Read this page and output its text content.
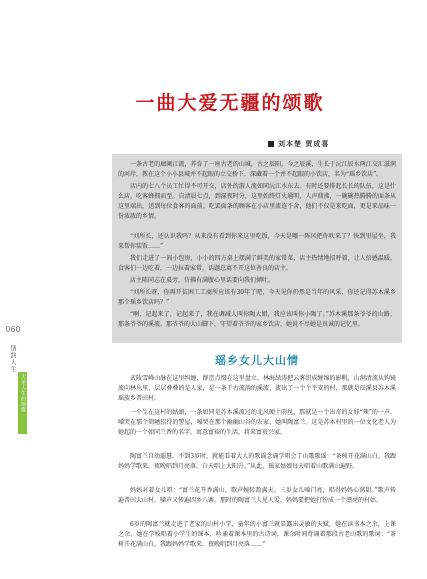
060
情韵人生
大美人生的颂歌
一曲大爱无疆的颂歌
刘本楚 贾成喜
一条古老的廊阑江流，养育了一座古老的山城，古之辰阳，今之辰溪，生长于沅江辰水两江交汇滋润的河岸，教在这个小小县城并不起眼的立交桥下，深藏着一个并不起眼的小饮店，名为“瑶乡饮店”。
店内的七八个员工忙得不可开交，店外的游人流如同沅江水东去。有时还要排起长长的队伍，这是什么店，吃客蜂拥而至。自清晨七点，到深夜时分，这里始终灯火通明，人声鼎沸，一碗碗热腾腾的面条从这里端出，送到每位食客的面前。吃罢面条的顾客在小店里流连不舍，他们不仅是来吃面，更是来品味一份浓浓的乡情。
“刘所长，还认识我吗？从来没有看到你来这里吃饭，今天是哪一阵风把你吹来了？快到里屋坐，我来帮你装饭……”
我们走进了一间小包房，小小的四方桌上摆满了鲜美的家常菜，店主热情地招呼着，让人倍感温暖。食客们一边吃着，一边拉着家常，话题总离不开这位善良的店主。
店主陈同志在桌旁，仿佛有满腹心里话要向我们倾吐。
“刘所长呀，你再开贫困工工商所应该有30年了吧，今天见你仍然是当年的风采，你还记得苏木溪乡那个瑶乡饮店吗？”
“啊，记起来了，记起来了，我在调减人叫你陶大姐，我应该叫你小陶了。”苏木溪那条爷爷的山路，那条爷爷的溪流，那爷爷的大山脚下，守望着爷爷的家乡饮店，她说不尽她是真诚的记忆里。
瑶乡女儿大山情
武陵雪峰山脉在这里纠缠，群峦点缀在这里盘立，林海绿涛把云雾织成缠绵的影帆，山涧清流从钩镜流向林丛里，层层叠叠的是人家，是一条干古流淌的溪流，流出了一个个平安的村，那就是辰溪县苏木溪瑶族乡普田村。
一个生在这村的姑娘，一条如同是苏木溪流过的北风硬土雨丝，那就是一个出奇的女娃“辣”的一声，嗓哭在那个简陋招待的警屋，嗓哭在那个幽幽山谷的农家，她叫陶富兰。这是苏木村里的一位文化老人为她起的一个如同兰香的名字，寓意富裕的生活，将来富贵兴家。
陶富兰自幼聪慧，不到3岁时，就能看着大人的歌谣念诵学唱会了山歌歌谣：“茶树开花满山白，我跟妈妈学歌来。夜晚唱到月亮落，白天唱上太阳升。”从此，瑶家姑娘每天唱着山歌满山遍野。
妈妈对着女儿唱：“富兰花开香满山，歌声婉转盈满天。三岁女儿嗓门亮，唱得妈妈心窝甜。”歌声传遍普田大山村，嗓声又传遍四乡八寨，那时的陶富兰人见人爱，妈妈要把她打扮成一个漂亮的村姑。
6岁的陶富兰就走进了老家的山村小学，童年的小富兰就显露出灵敏的天赋，她在读书本之余，上课之余，她在学校唱着小学生的课本，吟诵着课本里的古诗词，课余时间背诵着那段古老山歌的歌词：“茶树开花满山白，我跟妈妈学歌来，夜晚唱到月亮落……”
